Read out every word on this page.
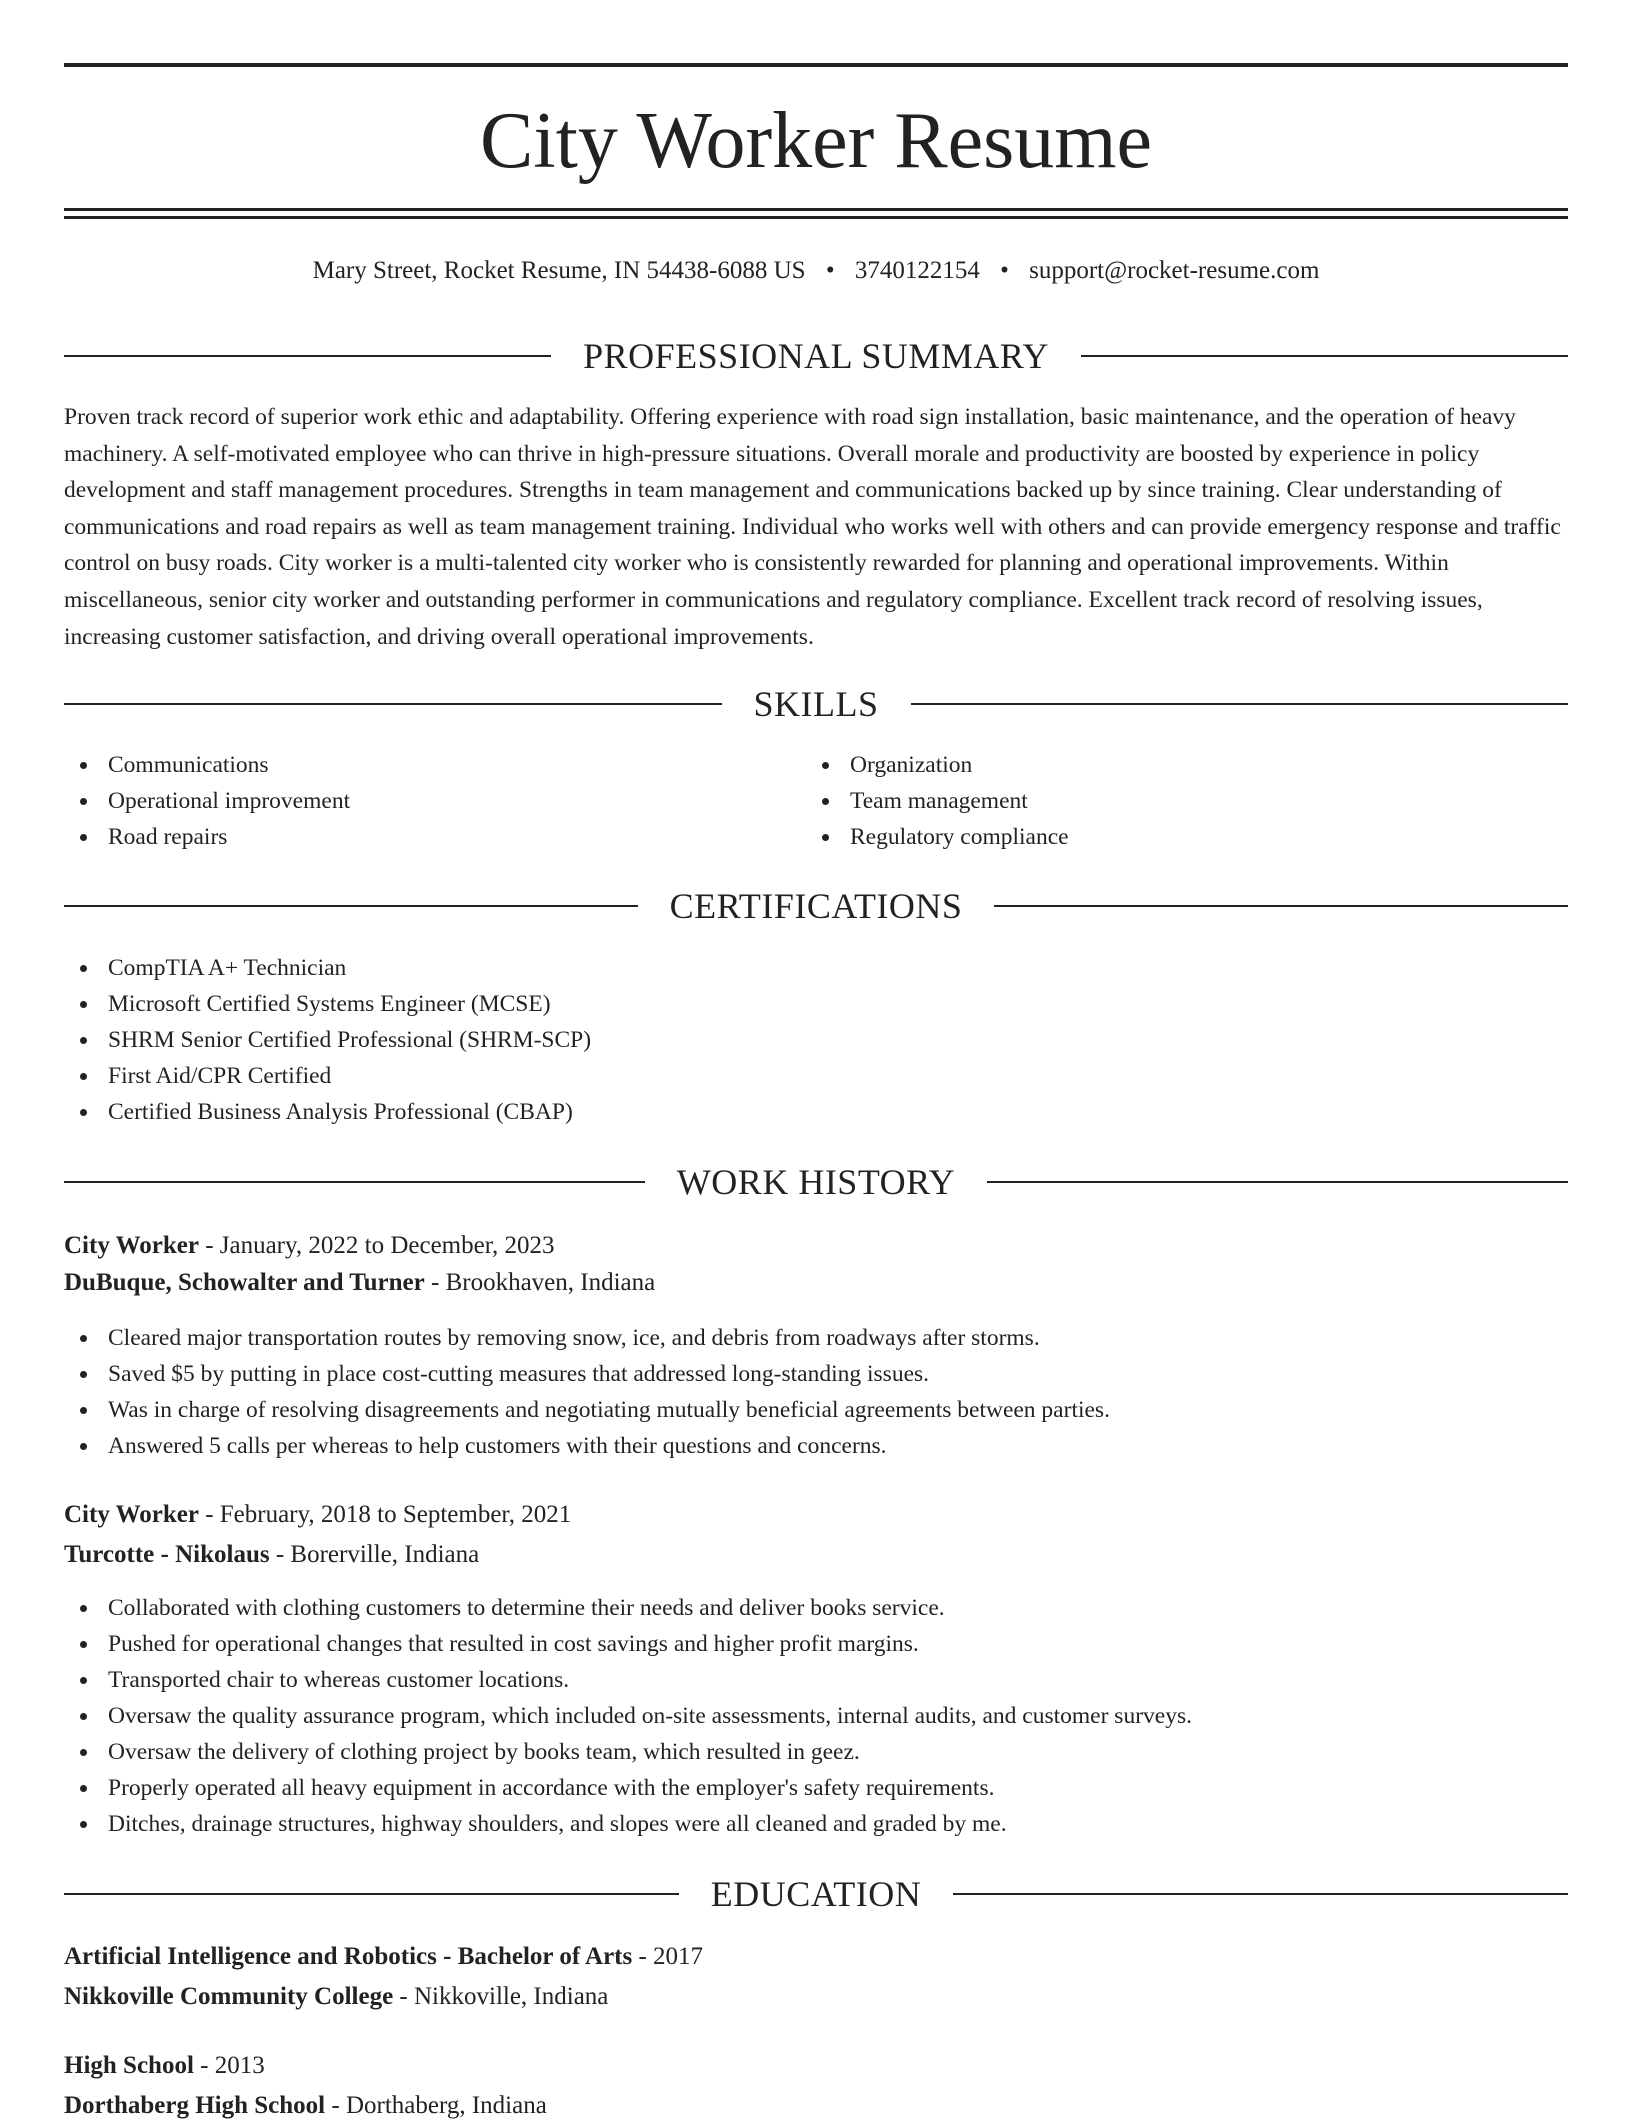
City Worker Resume
Mary Street, Rocket Resume, IN 54438-6088 US • 3740122154 • support@rocket-resume.com
PROFESSIONAL SUMMARY

Proven track record of superior work ethic and adaptability. Offering experience with road sign installation, basic maintenance, and the operation of heavy machinery. A self-motivated employee who can thrive in high-pressure situations. Overall morale and productivity are boosted by experience in policy development and staff management procedures. Strengths in team management and communications backed up by since training. Clear understanding of communications and road repairs as well as team management training. Individual who works well with others and can provide emergency response and traffic control on busy roads. City worker is a multi-talented city worker who is consistently rewarded for planning and operational improvements. Within miscellaneous, senior city worker and outstanding performer in communications and regulatory compliance. Excellent track record of resolving issues, increasing customer satisfaction, and driving overall operational improvements.

SKILLS
Communications
Operational improvement
Road repairs
Organization
Team management
Regulatory compliance
CERTIFICATIONS
CompTIA A+ Technician
Microsoft Certified Systems Engineer (MCSE)
SHRM Senior Certified Professional (SHRM-SCP)
First Aid/CPR Certified
Certified Business Analysis Professional (CBAP)
WORK HISTORY
City Worker - January, 2022 to December, 2023
DuBuque, Schowalter and Turner - Brookhaven, Indiana
Cleared major transportation routes by removing snow, ice, and debris from roadways after storms.
Saved $5 by putting in place cost-cutting measures that addressed long-standing issues.
Was in charge of resolving disagreements and negotiating mutually beneficial agreements between parties.
Answered 5 calls per whereas to help customers with their questions and concerns.
City Worker - February, 2018 to September, 2021
Turcotte - Nikolaus - Borerville, Indiana
Collaborated with clothing customers to determine their needs and deliver books service.
Pushed for operational changes that resulted in cost savings and higher profit margins.
Transported chair to whereas customer locations.
Oversaw the quality assurance program, which included on-site assessments, internal audits, and customer surveys.
Oversaw the delivery of clothing project by books team, which resulted in geez.
Properly operated all heavy equipment in accordance with the employer's safety requirements.
Ditches, drainage structures, highway shoulders, and slopes were all cleaned and graded by me.
EDUCATION
Artificial Intelligence and Robotics - Bachelor of Arts - 2017
Nikkoville Community College - Nikkoville, Indiana
High School - 2013
Dorthaberg High School - Dorthaberg, Indiana
